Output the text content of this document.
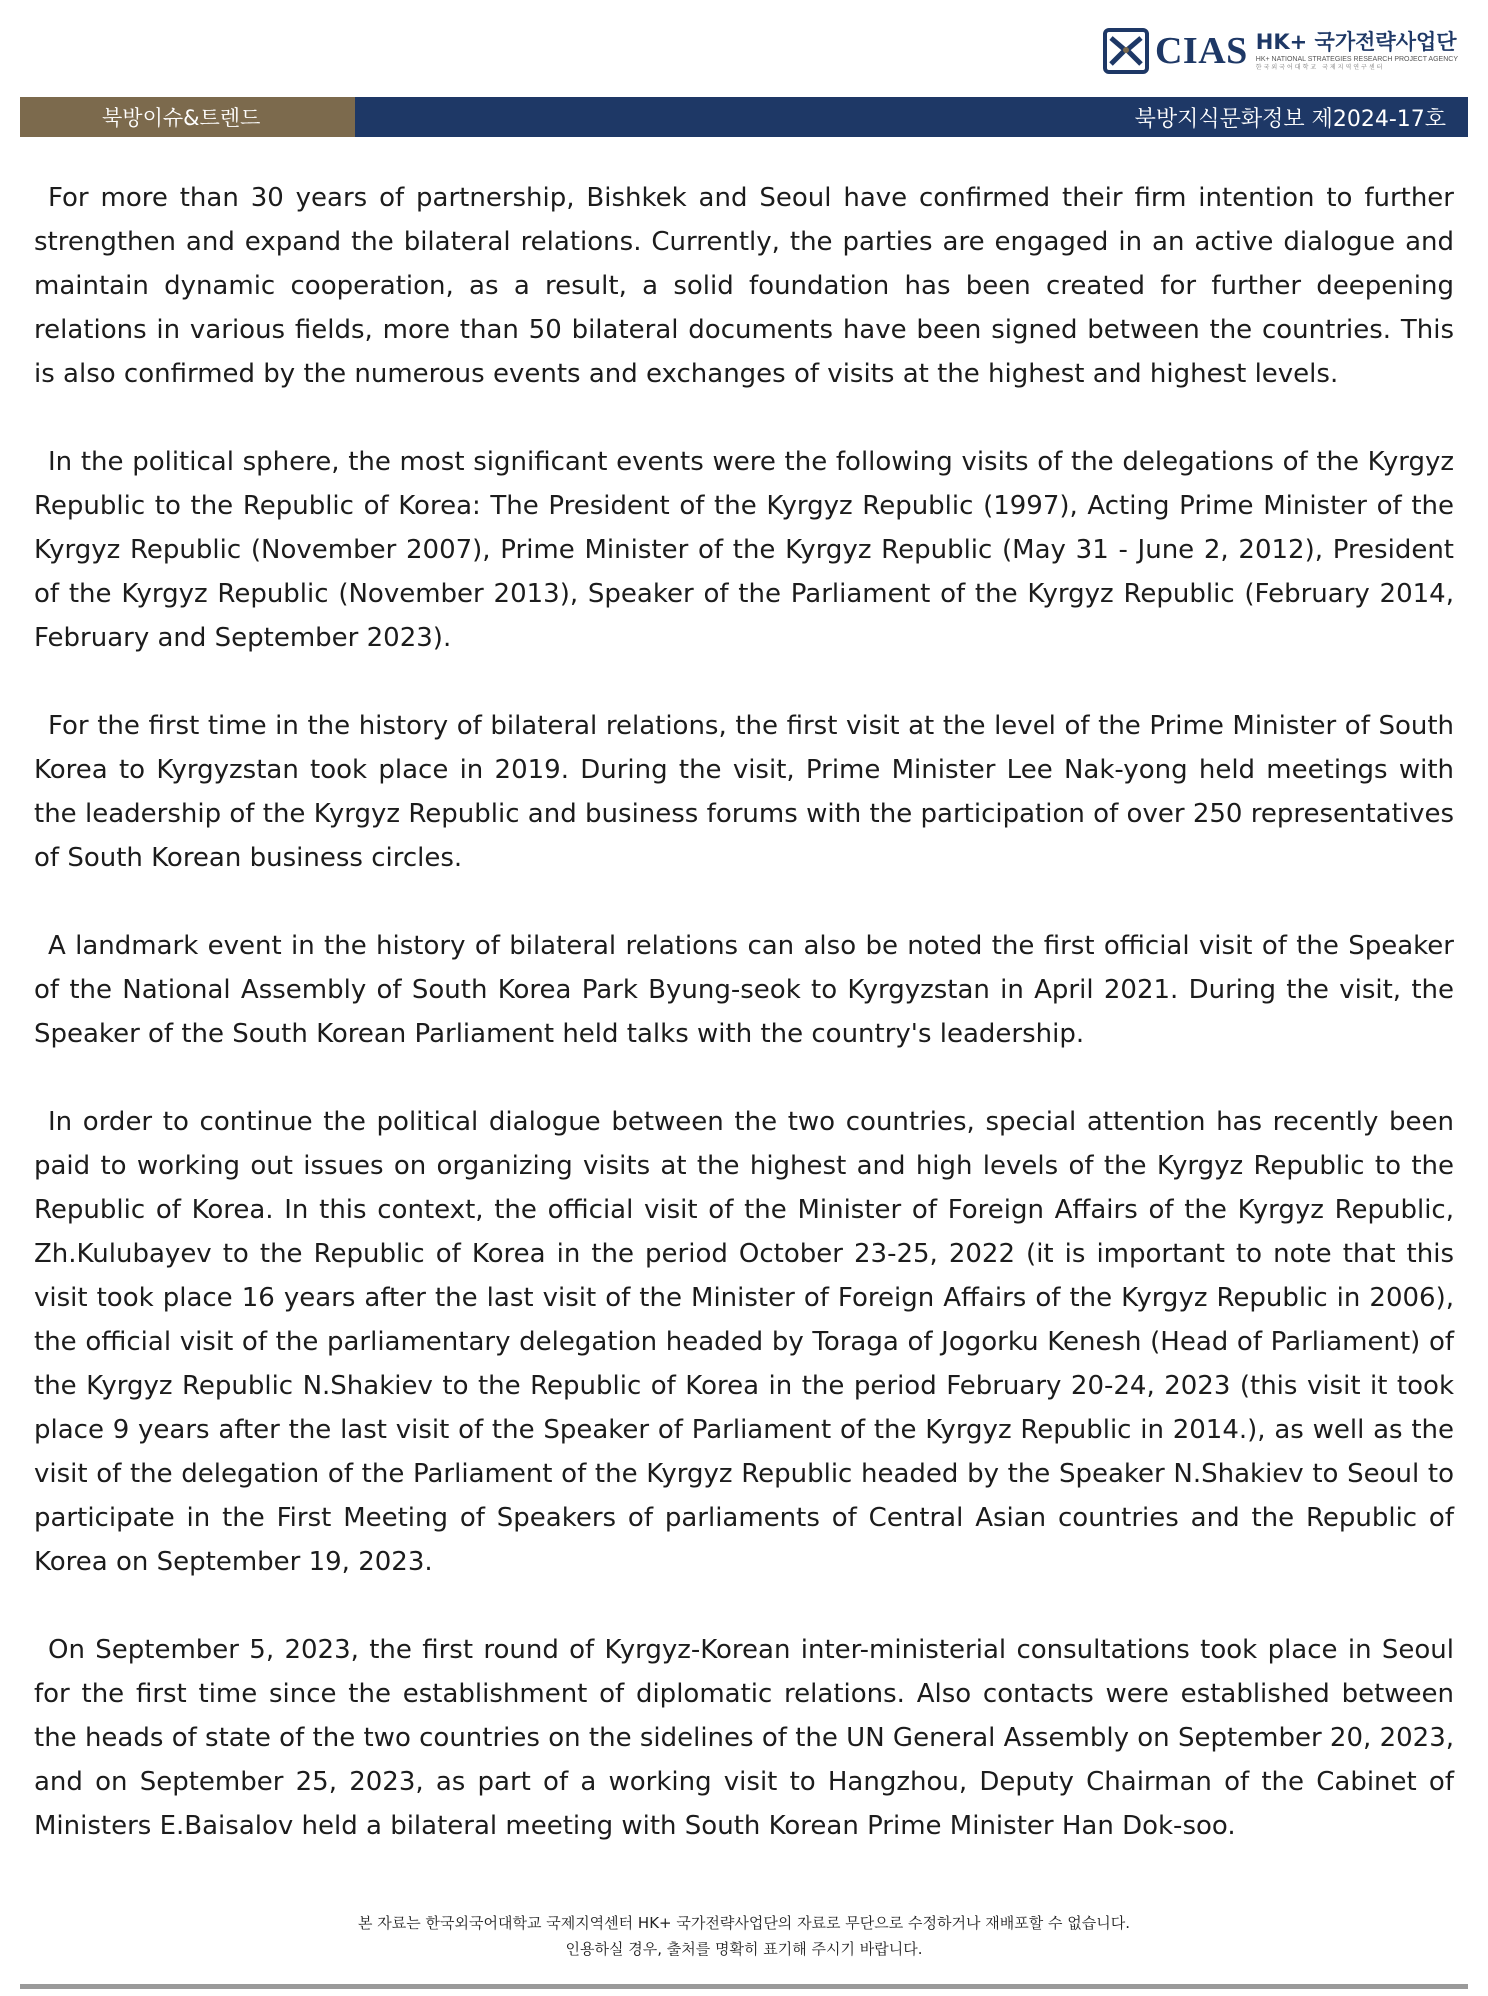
CIAS HK+ 국가전략사업단
HK+ NATIONAL STRATEGIES RESEARCH PROJECT AGENCY
한국외국어대학교 국제지역연구센터
북방이슈&트렌드	북방지식문화정보 제2024-17호

For more than 30 years of partnership, Bishkek and Seoul have confirmed their firm intention to further strengthen and expand the bilateral relations. Currently, the parties are engaged in an active dialogue and maintain dynamic cooperation, as a result, a solid foundation has been created for further deepening relations in various fields, more than 50 bilateral documents have been signed between the countries. This is also confirmed by the numerous events and exchanges of visits at the highest and highest levels.

In the political sphere, the most significant events were the following visits of the delegations of the Kyrgyz Republic to the Republic of Korea: The President of the Kyrgyz Republic (1997), Acting Prime Minister of the Kyrgyz Republic (November 2007), Prime Minister of the Kyrgyz Republic (May 31 - June 2, 2012), President of the Kyrgyz Republic (November 2013), Speaker of the Parliament of the Kyrgyz Republic (February 2014, February and September 2023).

For the first time in the history of bilateral relations, the first visit at the level of the Prime Minister of South Korea to Kyrgyzstan took place in 2019. During the visit, Prime Minister Lee Nak-yong held meetings with the leadership of the Kyrgyz Republic and business forums with the participation of over 250 representatives of South Korean business circles.

A landmark event in the history of bilateral relations can also be noted the first official visit of the Speaker of the National Assembly of South Korea Park Byung-seok to Kyrgyzstan in April 2021. During the visit, the Speaker of the South Korean Parliament held talks with the country's leadership.

In order to continue the political dialogue between the two countries, special attention has recently been paid to working out issues on organizing visits at the highest and high levels of the Kyrgyz Republic to the Republic of Korea. In this context, the official visit of the Minister of Foreign Affairs of the Kyrgyz Republic, Zh.Kulubayev to the Republic of Korea in the period October 23-25, 2022 (it is important to note that this visit took place 16 years after the last visit of the Minister of Foreign Affairs of the Kyrgyz Republic in 2006), the official visit of the parliamentary delegation headed by Toraga of Jogorku Kenesh (Head of Parliament) of the Kyrgyz Republic N.Shakiev to the Republic of Korea in the period February 20-24, 2023 (this visit it took place 9 years after the last visit of the Speaker of Parliament of the Kyrgyz Republic in 2014.), as well as the visit of the delegation of the Parliament of the Kyrgyz Republic headed by the Speaker N.Shakiev to Seoul to participate in the First Meeting of Speakers of parliaments of Central Asian countries and the Republic of Korea on September 19, 2023.

On September 5, 2023, the first round of Kyrgyz-Korean inter-ministerial consultations took place in Seoul for the first time since the establishment of diplomatic relations. Also contacts were established between the heads of state of the two countries on the sidelines of the UN General Assembly on September 20, 2023, and on September 25, 2023, as part of a working visit to Hangzhou, Deputy Chairman of the Cabinet of Ministers E.Baisalov held a bilateral meeting with South Korean Prime Minister Han Dok-soo.

본 자료는 한국외국어대학교 국제지역센터 HK+ 국가전략사업단의 자료로 무단으로 수정하거나 재배포할 수 없습니다.

인용하실 경우, 출처를 명확히 표기해 주시기 바랍니다.
